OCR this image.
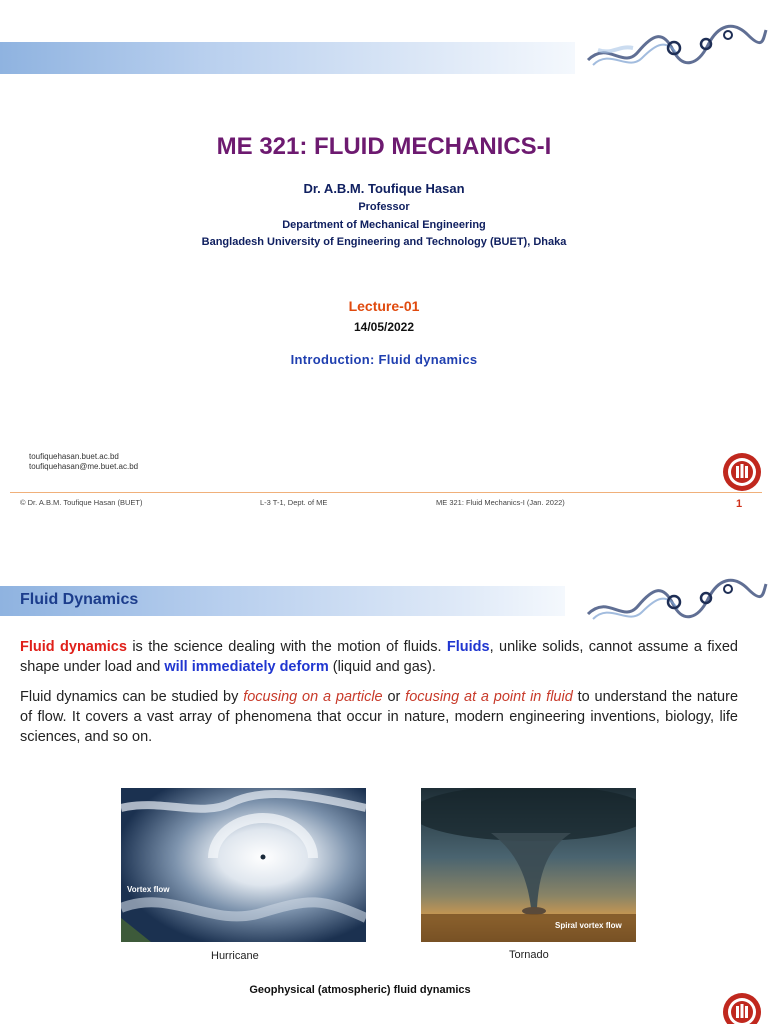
ME 321: FLUID MECHANICS-I

Dr. A.B.M. Toufique Hasan

Professor

Department of Mechanical Engineering

Bangladesh University of Engineering and Technology (BUET), Dhaka

Lecture-01

14/05/2022

Introduction: Fluid dynamics

toufiquehasan.buet.ac.bd
toufiquehasan@me.buet.ac.bd
© Dr. A.B.M. Toufique Hasan (BUET)	L-3 T-1, Dept. of ME	ME 321: Fluid Mechanics-I (Jan. 2022)	1
Fluid Dynamics

Fluid dynamics is the science dealing with the motion of fluids. Fluids, unlike solids, cannot assume a fixed shape under load and will immediately deform (liquid and gas).

Fluid dynamics can be studied by focusing on a particle or focusing at a point in fluid to understand the nature of flow. It covers a vast array of phenomena that occur in nature, modern engineering inventions, biology, life sciences, and so on.

Vortex flow
Hurricane
Spiral vortex flow
Tornado

Geophysical (atmospheric) fluid dynamics
